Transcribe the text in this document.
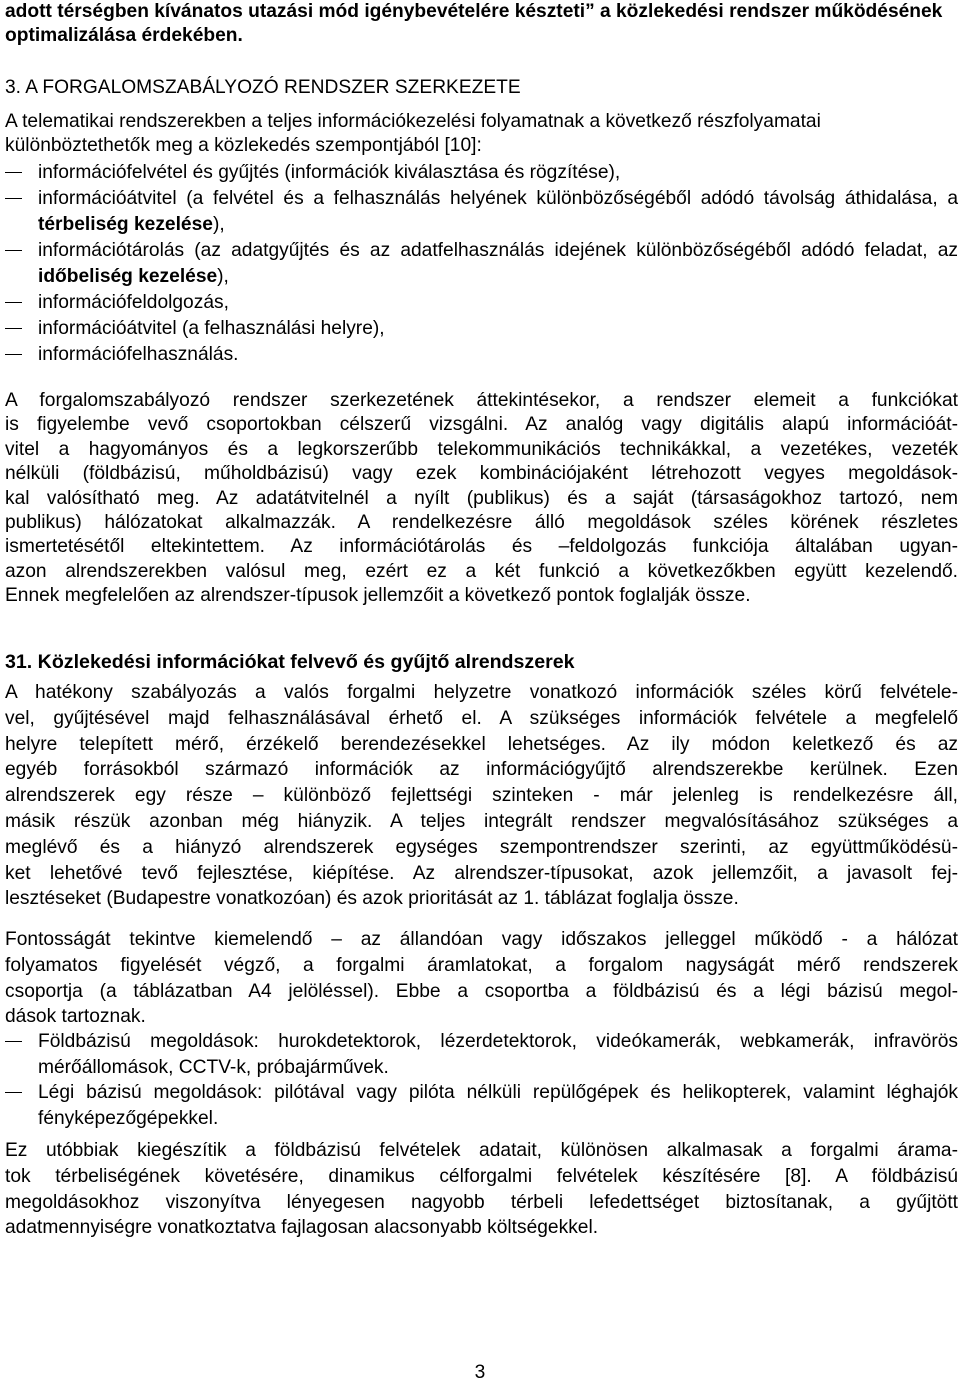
adott térségben kívánatos utazási mód igénybevételére készteti” a közlekedési rendszer működésének optimalizálása érdekében.

3. A FORGALOMSZABÁLYOZÓ RENDSZER SZERKEZETE

A telematikai rendszerekben a teljes információkezelési folyamatnak a következő részfolyamatai különböztethetők meg a közlekedés szempontjából [10]:

információfelvétel és gyűjtés (információk kiválasztása és rögzítése),
információátvitel (a felvétel és a felhasználás helyének különbözőségéből adódó távolság áthidalása, a térbeliség kezelése),
információtárolás (az adatgyűjtés és az adatfelhasználás idejének különbözőségéből adódó feladat, az időbeliség kezelése),
információfeldolgozás,
információátvitel (a felhasználási helyre),
információfelhasználás.
A forgalomszabályozó rendszer szerkezetének áttekintésekor, a rendszer elemeit a funkciókat
is figyelembe vevő csoportokban célszerű vizsgálni. Az analóg vagy digitális alapú információát-
vitel a hagyományos és a legkorszerűbb telekommunikációs technikákkal, a vezetékes, vezeték
nélküli (földbázisú, műholdbázisú) vagy ezek kombinációjaként létrehozott vegyes megoldások-
kal valósítható meg. Az adatátvitelnél a nyílt (publikus) és a saját (társaságokhoz tartozó, nem
publikus) hálózatokat alkalmazzák. A rendelkezésre álló megoldások széles körének részletes
ismertetésétől eltekintettem. Az információtárolás és –feldolgozás funkciója általában ugyan-
azon alrendszerekben valósul meg, ezért ez a két funkció a következőkben együtt kezelendő.
Ennek megfelelően az alrendszer-típusok jellemzőit a következő pontok foglalják össze.

31. Közlekedési információkat felvevő és gyűjtő alrendszerek

A hatékony szabályozás a valós forgalmi helyzetre vonatkozó információk széles körű felvétele-
vel, gyűjtésével majd felhasználásával érhető el. A szükséges információk felvétele a megfelelő
helyre telepített mérő, érzékelő berendezésekkel lehetséges. Az ily módon keletkező és az
egyéb forrásokból származó információk az információgyűjtő alrendszerekbe kerülnek. Ezen
alrendszerek egy része – különböző fejlettségi szinteken - már jelenleg is rendelkezésre áll,
másik részük azonban még hiányzik. A teljes integrált rendszer megvalósításához szükséges a
meglévő és a hiányzó alrendszerek egységes szempontrendszer szerinti, az együttműködésü-
ket lehetővé tevő fejlesztése, kiépítése. Az alrendszer-típusokat, azok jellemzőit, a javasolt fej-
lesztéseket (Budapestre vonatkozóan) és azok prioritását az 1. táblázat foglalja össze.
Fontosságát tekintve kiemelendő – az állandóan vagy időszakos jelleggel működő - a hálózat
folyamatos figyelését végző, a forgalmi áramlatokat, a forgalom nagyságát mérő rendszerek
csoportja (a táblázatban A4 jelöléssel). Ebbe a csoportba a földbázisú és a légi bázisú megol-
dások tartoznak.
Földbázisú megoldások: hurokdetektorok, lézerdetektorok, videókamerák, webkamerák, infravörös mérőállomások, CCTV-k, próbajárművek.
Légi bázisú megoldások: pilótával vagy pilóta nélküli repülőgépek és helikopterek, valamint léghajók fényképezőgépekkel.
Ez utóbbiak kiegészítik a földbázisú felvételek adatait, különösen alkalmasak a forgalmi árama-
tok térbeliségének követésére, dinamikus célforgalmi felvételek készítésére [8]. A földbázisú
megoldásokhoz viszonyítva lényegesen nagyobb térbeli lefedettséget biztosítanak, a gyűjtött
adatmennyiségre vonatkoztatva fajlagosan alacsonyabb költségekkel.
3
